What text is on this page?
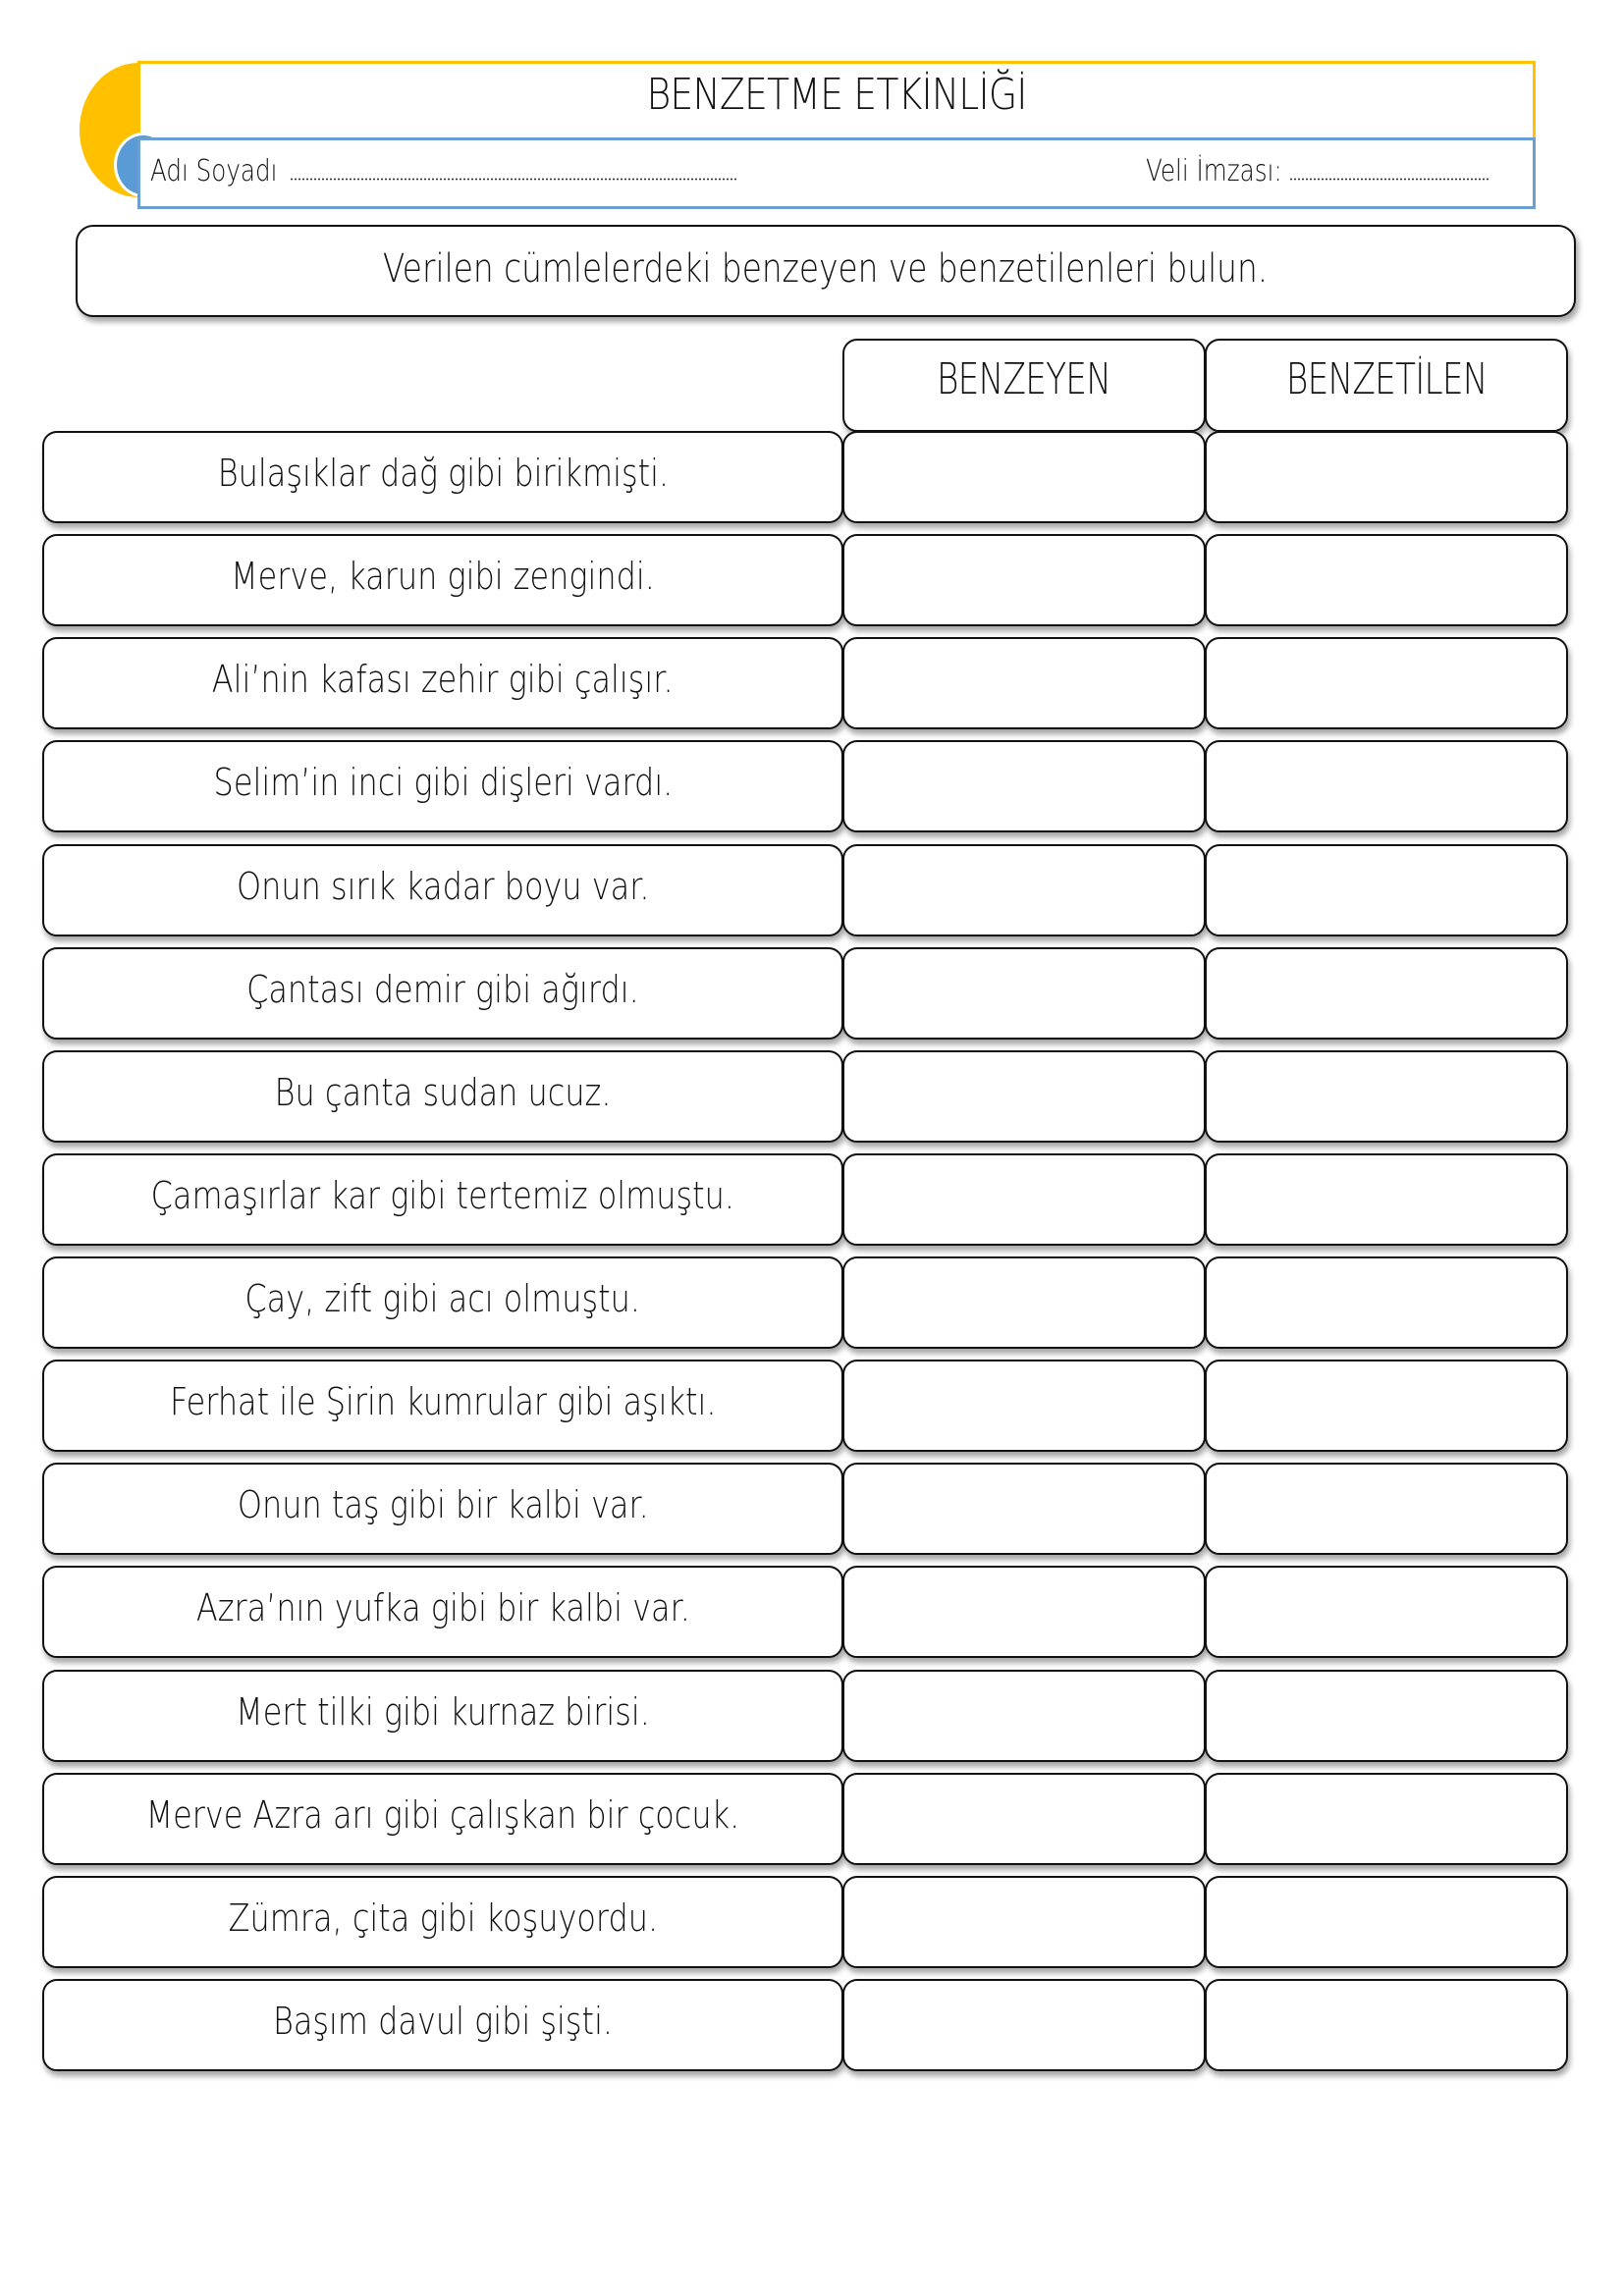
BENZETME ETKİNLİĞİ
Adı Soyadı	Veli İmzası:
Verilen cümlelerdeki benzeyen ve benzetilenleri bulun.
BENZEYEN	BENZETİLEN
Bulaşıklar dağ gibi birikmişti.
Merve, karun gibi zengindi.
Ali’nin kafası zehir gibi çalışır.
Selim’in inci gibi dişleri vardı.
Onun sırık kadar boyu var.
Çantası demir gibi ağırdı.
Bu çanta sudan ucuz.
Çamaşırlar kar gibi tertemiz olmuştu.
Çay, zift gibi acı olmuştu.
Ferhat ile Şirin kumrular gibi aşıktı.
Onun taş gibi bir kalbi var.
Azra’nın yufka gibi bir kalbi var.
Mert tilki gibi kurnaz birisi.
Merve Azra arı gibi çalışkan bir çocuk.
Zümra, çita gibi koşuyordu.
Başım davul gibi şişti.
